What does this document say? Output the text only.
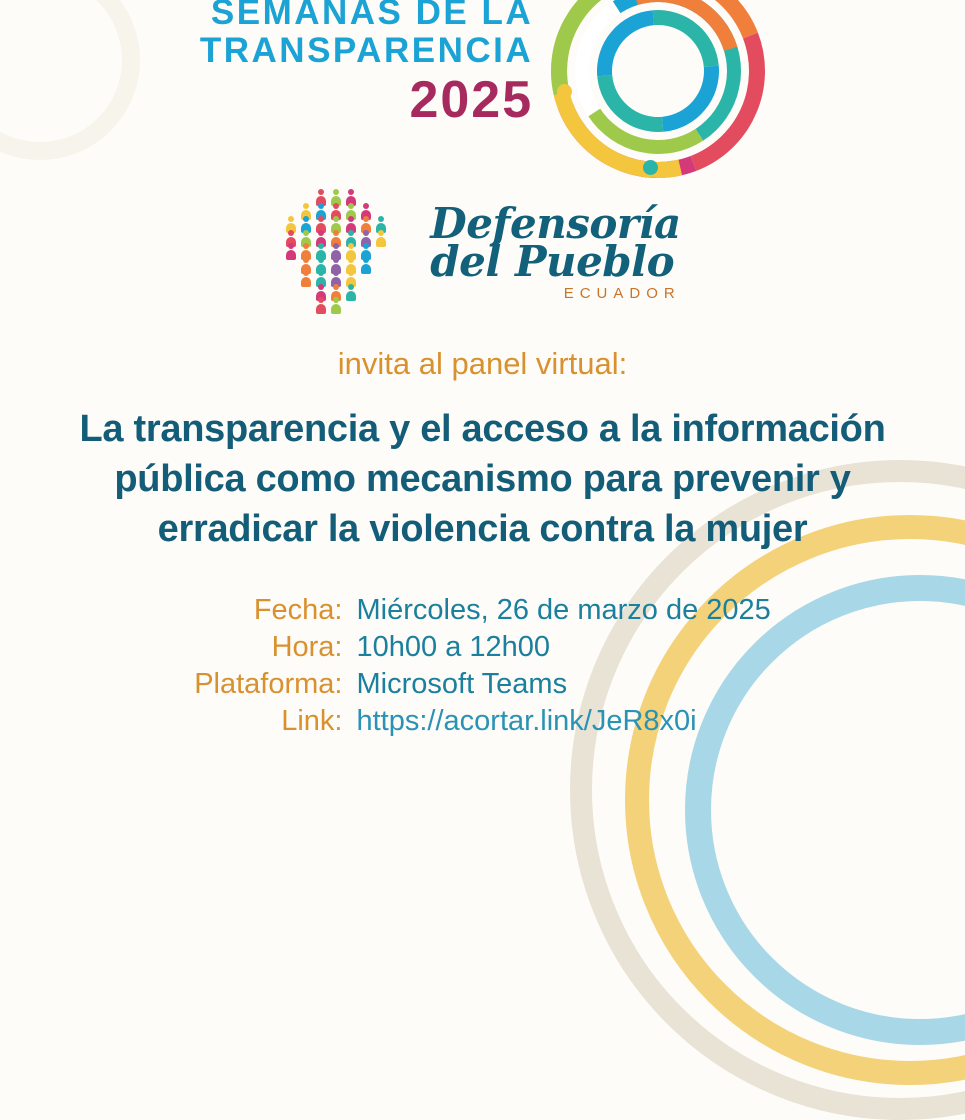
SEMANAS DE LA
TRANSPARENCIA
2025
Defensoría
del Pueblo
ECUADOR
invita al panel virtual:
La transparencia y el acceso a la información
pública como mecanismo para prevenir y
erradicar la violencia contra la mujer
Fecha: Miércoles, 26 de marzo de 2025
Hora: 10h00 a 12h00
Plataforma: Microsoft Teams
Link: https://acortar.link/JeR8x0i
